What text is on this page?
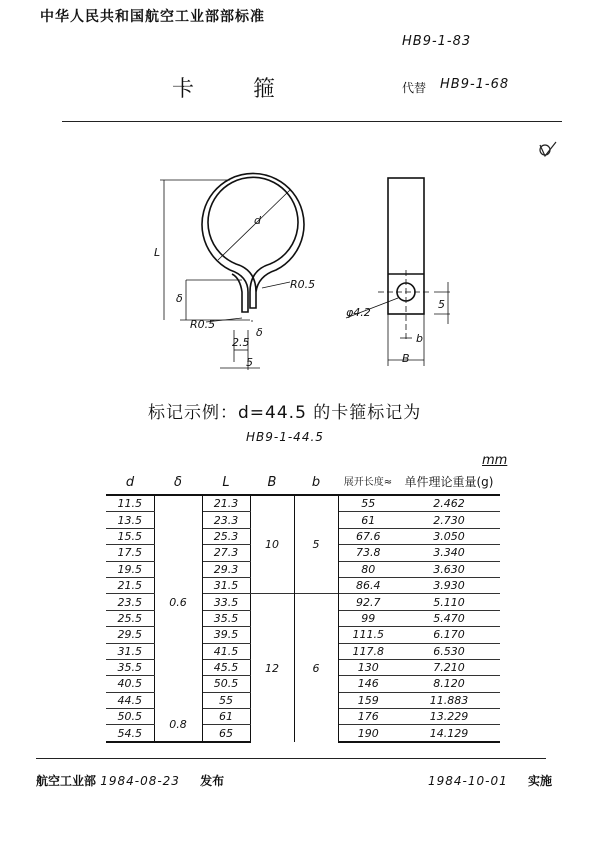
中华人民共和国航空工业部部标准
HB9-1-83
卡 箍	代替 HB9-1-68
d
L
δ
R0.5
R0.5
δ
2.5
5
φ4.2
b
B
5
标记示例：d=44.5 的卡箍标记为
HB9-1-44.5
mm
d	δ	L	B	b	展开长度≈	单件理论重量(g)
11.5	0.6	21.3	10	5	55	2.462
13.5		23.3			61	2.730
15.5		25.3			67.6	3.050
17.5		27.3			73.8	3.340
19.5		29.3			80	3.630
21.5		31.5			86.4	3.930
23.5		33.5	12	6	92.7	5.110
25.5		35.5			99	5.470
29.5		39.5			111.5	6.170
31.5		41.5			117.8	6.530
35.5		45.5			130	7.210
40.5		50.5			146	8.120
44.5		55			159	11.883
50.5	0.8	61			176	13.229
54.5		65			190	14.129
航空工业部 1984-08-23 发布	1984-10-01 实施
